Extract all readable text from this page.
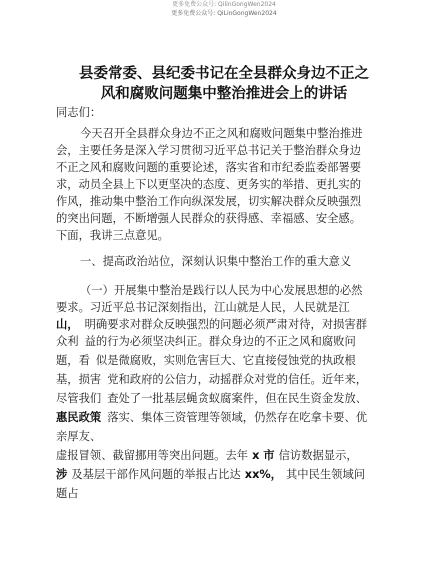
更多免费公众号: QilinGongWen2024
更多免费公众号: QiLinGongWen2024
县委常委、县纪委书记在全县群众身边不正之
风和腐败问题集中整治推进会上的讲话
同志们：
今天召开全县群众身边不正之风和腐败问题集中整治推进
会，主要任务是深入学习贯彻习近平总书记关于整治群众身边
不正之风和腐败问题的重要论述，落实省和市纪委监委部署要
求，动员全县上下以更坚决的态度、更务实的举措、更扎实的
作风，推动集中整治工作向纵深发展，切实解决群众反映强烈
的突出问题，不断增强人民群众的获得感、幸福感、安全感。
下面，我讲三点意见。
一、提高政治站位，深刻认识集中整治工作的重大意义
（一）开展集中整治是践行以人民为中心发展思想的必然
要求。习近平总书记深刻指出，江山就是人民，人民就是江
山， 明确要求对群众反映强烈的问题必须严肃对待，对损害群
众利 益的行为必须坚决纠正。群众身边的不正之风和腐败问
题，看 似是微腐败，实则危害巨大、它直接侵蚀党的执政根
基，损害 党和政府的公信力，动摇群众对党的信任。近年来，
尽管我们 查处了一批基层蝇贪蚁腐案件，但在民生资金发放、
惠民政策 落实、集体三资管理等领域，仍然存在吃拿卡要、优
亲厚友、
虚报冒领、截留挪用等突出问题。去年 x 市 信访数据显示，
涉 及基层干部作风问题的举报占比达 xx%， 其中民生领域问
题占
